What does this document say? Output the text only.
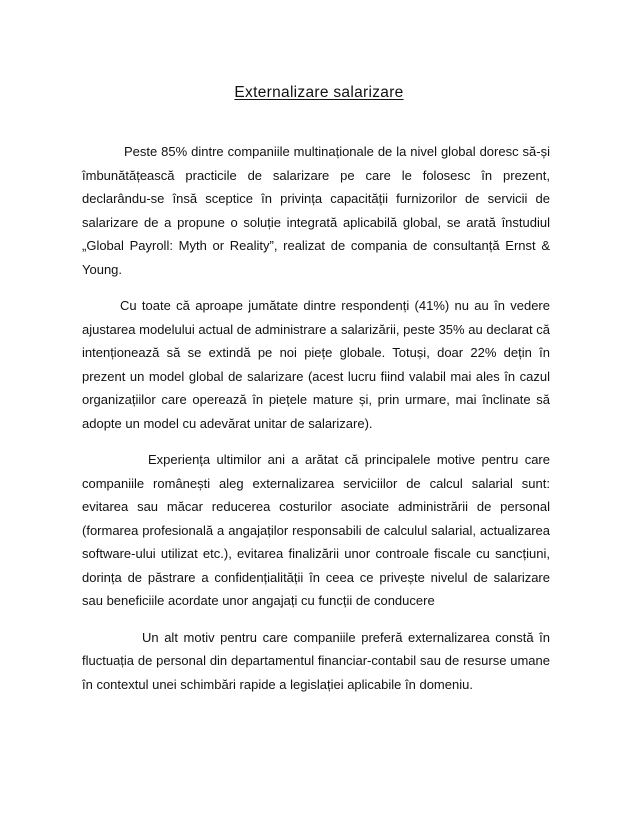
Externalizare salarizare

Peste 85% dintre companiile multinaționale de la nivel global doresc să-și îmbunătățească practicile de salarizare pe care le folosesc în prezent, declarându-se însă sceptice în privința capacității furnizorilor de servicii de salarizare de a propune o soluție integrată aplicabilă global, se arată înstudiul „Global Payroll: Myth or Reality”, realizat de compania de consultanță Ernst & Young.

Cu toate că aproape jumătate dintre respondenți (41%) nu au în vedere ajustarea modelului actual de administrare a salarizării, peste 35% au declarat că intenționează să se extindă pe noi piețe globale. Totuși, doar 22% dețin în prezent un model global de salarizare (acest lucru fiind valabil mai ales în cazul organizațiilor care operează în piețele mature și, prin urmare, mai înclinate să adopte un model cu adevărat unitar de salarizare).

Experiența ultimilor ani a arătat că principalele motive pentru care companiile românești aleg externalizarea serviciilor de calcul salarial sunt: evitarea sau măcar reducerea costurilor asociate administrării de personal (formarea profesională a angajaților responsabili de calculul salarial, actualizarea software-ului utilizat etc.), evitarea finalizării unor controale fiscale cu sancțiuni, dorința de păstrare a confidențialității în ceea ce privește nivelul de salarizare sau beneficiile acordate unor angajați cu funcții de conducere

Un alt motiv pentru care companiile preferă externalizarea constă în fluctuația de personal din departamentul financiar-contabil sau de resurse umane în contextul unei schimbări rapide a legislației aplicabile în domeniu.
